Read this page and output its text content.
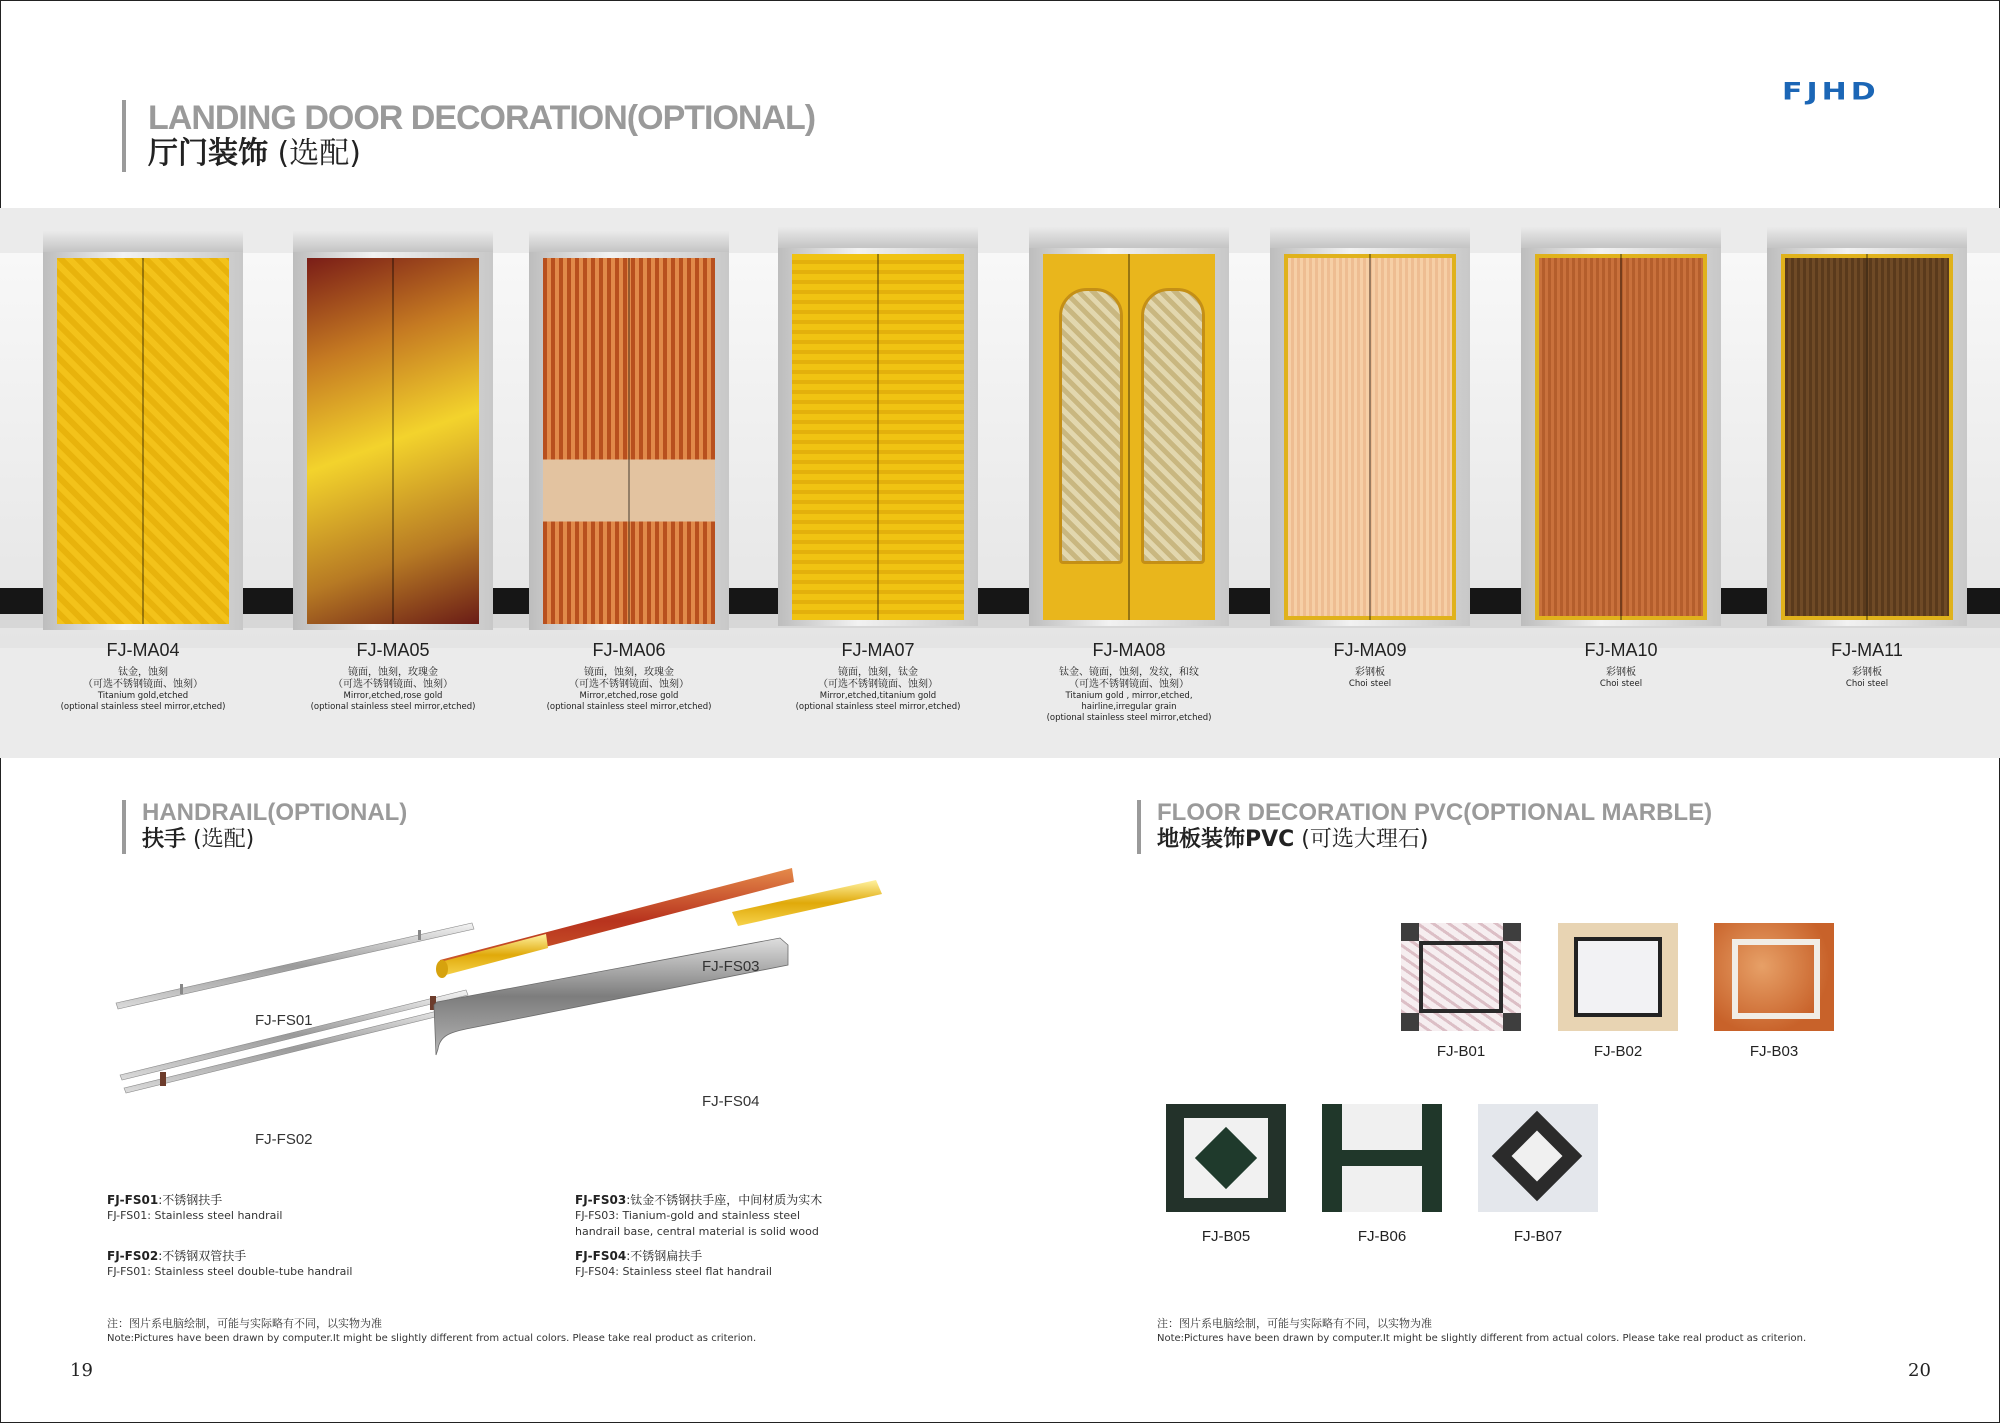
FJHD
LANDING DOOR DECORATION(OPTIONAL)
厅门装饰 (选配)
FJ-MA04
钛金，蚀刻
（可选不锈钢镜面、蚀刻）
Titanium gold,etched
(optional stainless steel mirror,etched)
FJ-MA05
镜面，蚀刻，玫瑰金
（可选不锈钢镜面、蚀刻）
Mirror,etched,rose gold
(optional stainless steel mirror,etched)
FJ-MA06
镜面，蚀刻，玫瑰金
（可选不锈钢镜面、蚀刻）
Mirror,etched,rose gold
(optional stainless steel mirror,etched)
FJ-MA07
镜面，蚀刻，钛金
（可选不锈钢镜面、蚀刻）
Mirror,etched,titanium gold
(optional stainless steel mirror,etched)
FJ-MA08
钛金、镜面，蚀刻，发纹，和纹
（可选不锈钢镜面、蚀刻）
Titanium gold , mirror,etched,
hairline,irregular grain
(optional stainless steel mirror,etched)
FJ-MA09
彩钢板
Choi steel
FJ-MA10
彩钢板
Choi steel
FJ-MA11
彩钢板
Choi steel
HANDRAIL(OPTIONAL)
扶手 (选配)
FJ-FS01
FJ-FS02
FJ-FS03
FJ-FS04
FJ-FS01:不锈钢扶手
FJ-FS01: Stainless steel handrail
FJ-FS02:不锈钢双管扶手
FJ-FS01: Stainless steel double-tube handrail
FJ-FS03:钛金不锈钢扶手座，中间材质为实木
FJ-FS03: Tianium-gold and stainless steel
handrail base, central material is solid wood
FJ-FS04:不锈钢扁扶手
FJ-FS04: Stainless steel flat handrail
注：图片系电脑绘制，可能与实际略有不同，以实物为准
Note:Pictures have been drawn by computer.It might be slightly different from actual colors. Please take real product as criterion.
19
FLOOR DECORATION PVC(OPTIONAL MARBLE)
地板装饰PVC (可选大理石)
FJ-B01	FJ-B02	FJ-B03
FJ-B05	FJ-B06	FJ-B07
注：图片系电脑绘制，可能与实际略有不同，以实物为准
Note:Pictures have been drawn by computer.It might be slightly different from actual colors. Please take real product as criterion.
20
